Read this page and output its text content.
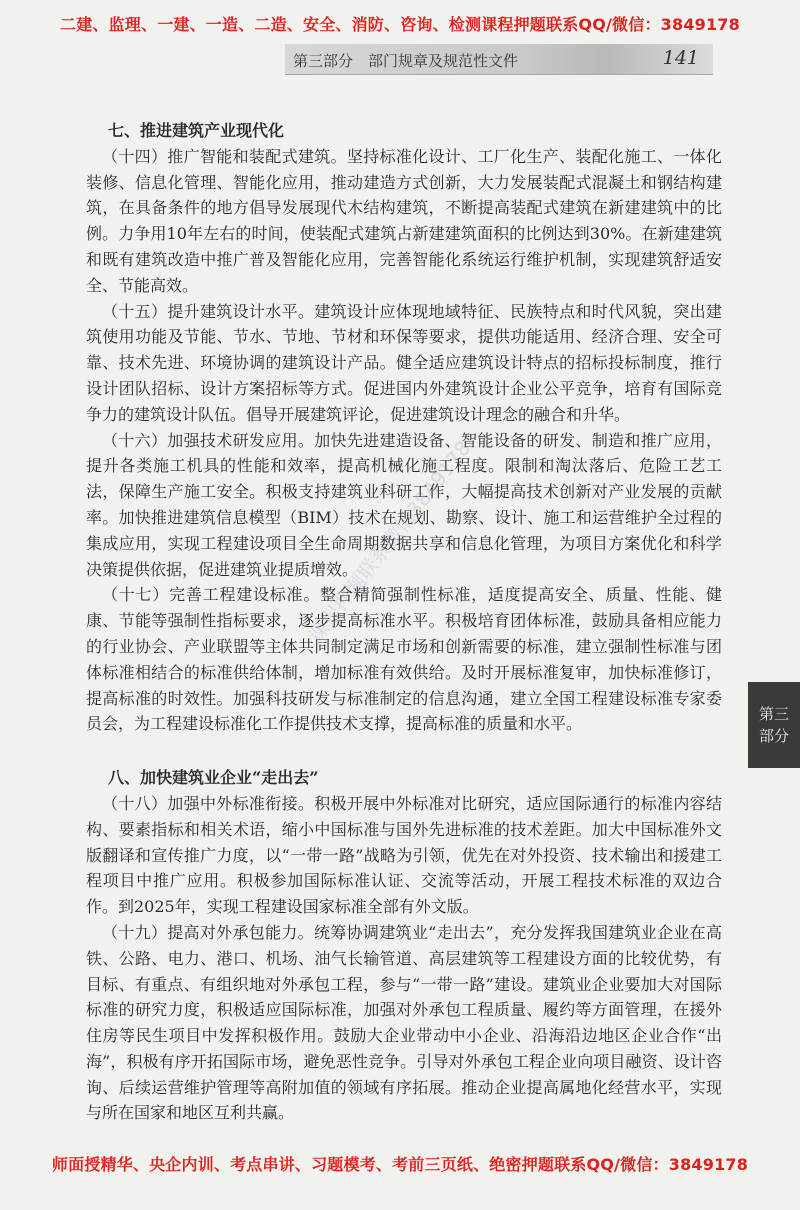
二建、监理、一建、一造、二造、安全、消防、咨询、检测课程押题联系QQ/微信：3849178
第三部分　部门规章及规范性文件	141
七、推进建筑产业现代化

（十四）推广智能和装配式建筑。坚持标准化设计、工厂化生产、装配化施工、一体化装修、信息化管理、智能化应用，推动建造方式创新，大力发展装配式混凝土和钢结构建筑，在具备条件的地方倡导发展现代木结构建筑，不断提高装配式建筑在新建建筑中的比例。力争用10年左右的时间，使装配式建筑占新建建筑面积的比例达到30%。在新建建筑和既有建筑改造中推广普及智能化应用，完善智能化系统运行维护机制，实现建筑舒适安全、节能高效。

（十五）提升建筑设计水平。建筑设计应体现地域特征、民族特点和时代风貌，突出建筑使用功能及节能、节水、节地、节材和环保等要求，提供功能适用、经济合理、安全可靠、技术先进、环境协调的建筑设计产品。健全适应建筑设计特点的招标投标制度，推行设计团队招标、设计方案招标等方式。促进国内外建筑设计企业公平竞争，培育有国际竞争力的建筑设计队伍。倡导开展建筑评论，促进建筑设计理念的融合和升华。

（十六）加强技术研发应用。加快先进建造设备、智能设备的研发、制造和推广应用，提升各类施工机具的性能和效率，提高机械化施工程度。限制和淘汰落后、危险工艺工法，保障生产施工安全。积极支持建筑业科研工作，大幅提高技术创新对产业发展的贡献率。加快推进建筑信息模型（BIM）技术在规划、勘察、设计、施工和运营维护全过程的集成应用，实现工程建设项目全生命周期数据共享和信息化管理，为项目方案优化和科学决策提供依据，促进建筑业提质增效。

（十七）完善工程建设标准。整合精简强制性标准，适度提高安全、质量、性能、健康、节能等强制性指标要求，逐步提高标准水平。积极培育团体标准，鼓励具备相应能力的行业协会、产业联盟等主体共同制定满足市场和创新需要的标准，建立强制性标准与团体标准相结合的标准供给体制，增加标准有效供给。及时开展标准复审，加快标准修订，提高标准的时效性。加强科技研发与标准制定的信息沟通，建立全国工程建设标准专家委员会，为工程建设标准化工作提供技术支撑，提高标准的质量和水平。

八、加快建筑业企业“走出去”

（十八）加强中外标准衔接。积极开展中外标准对比研究，适应国际通行的标准内容结构、要素指标和相关术语，缩小中国标准与国外先进标准的技术差距。加大中国标准外文版翻译和宣传推广力度，以“一带一路”战略为引领，优先在对外投资、技术输出和援建工程项目中推广应用。积极参加国际标准认证、交流等活动，开展工程技术标准的双边合作。到2025年，实现工程建设国家标准全部有外文版。

（十九）提高对外承包能力。统筹协调建筑业“走出去”，充分发挥我国建筑业企业在高铁、公路、电力、港口、机场、油气长输管道、高层建筑等工程建设方面的比较优势，有目标、有重点、有组织地对外承包工程，参与“一带一路”建设。建筑业企业要加大对国际标准的研究力度，积极适应国际标准，加强对外承包工程质量、履约等方面管理，在援外住房等民生项目中发挥积极作用。鼓励大企业带动中小企业、沿海沿边地区企业合作“出海”，积极有序开拓国际市场，避免恶性竞争。引导对外承包工程企业向项目融资、设计咨询、后续运营维护管理等高附加值的领域有序拓展。推动企业提高属地化经营水平，实现与所在国家和地区互利共赢。

第三部分
课程押题联系微信3849178
师面授精华、央企内训、考点串讲、习题模考、考前三页纸、绝密押题联系QQ/微信：3849178
